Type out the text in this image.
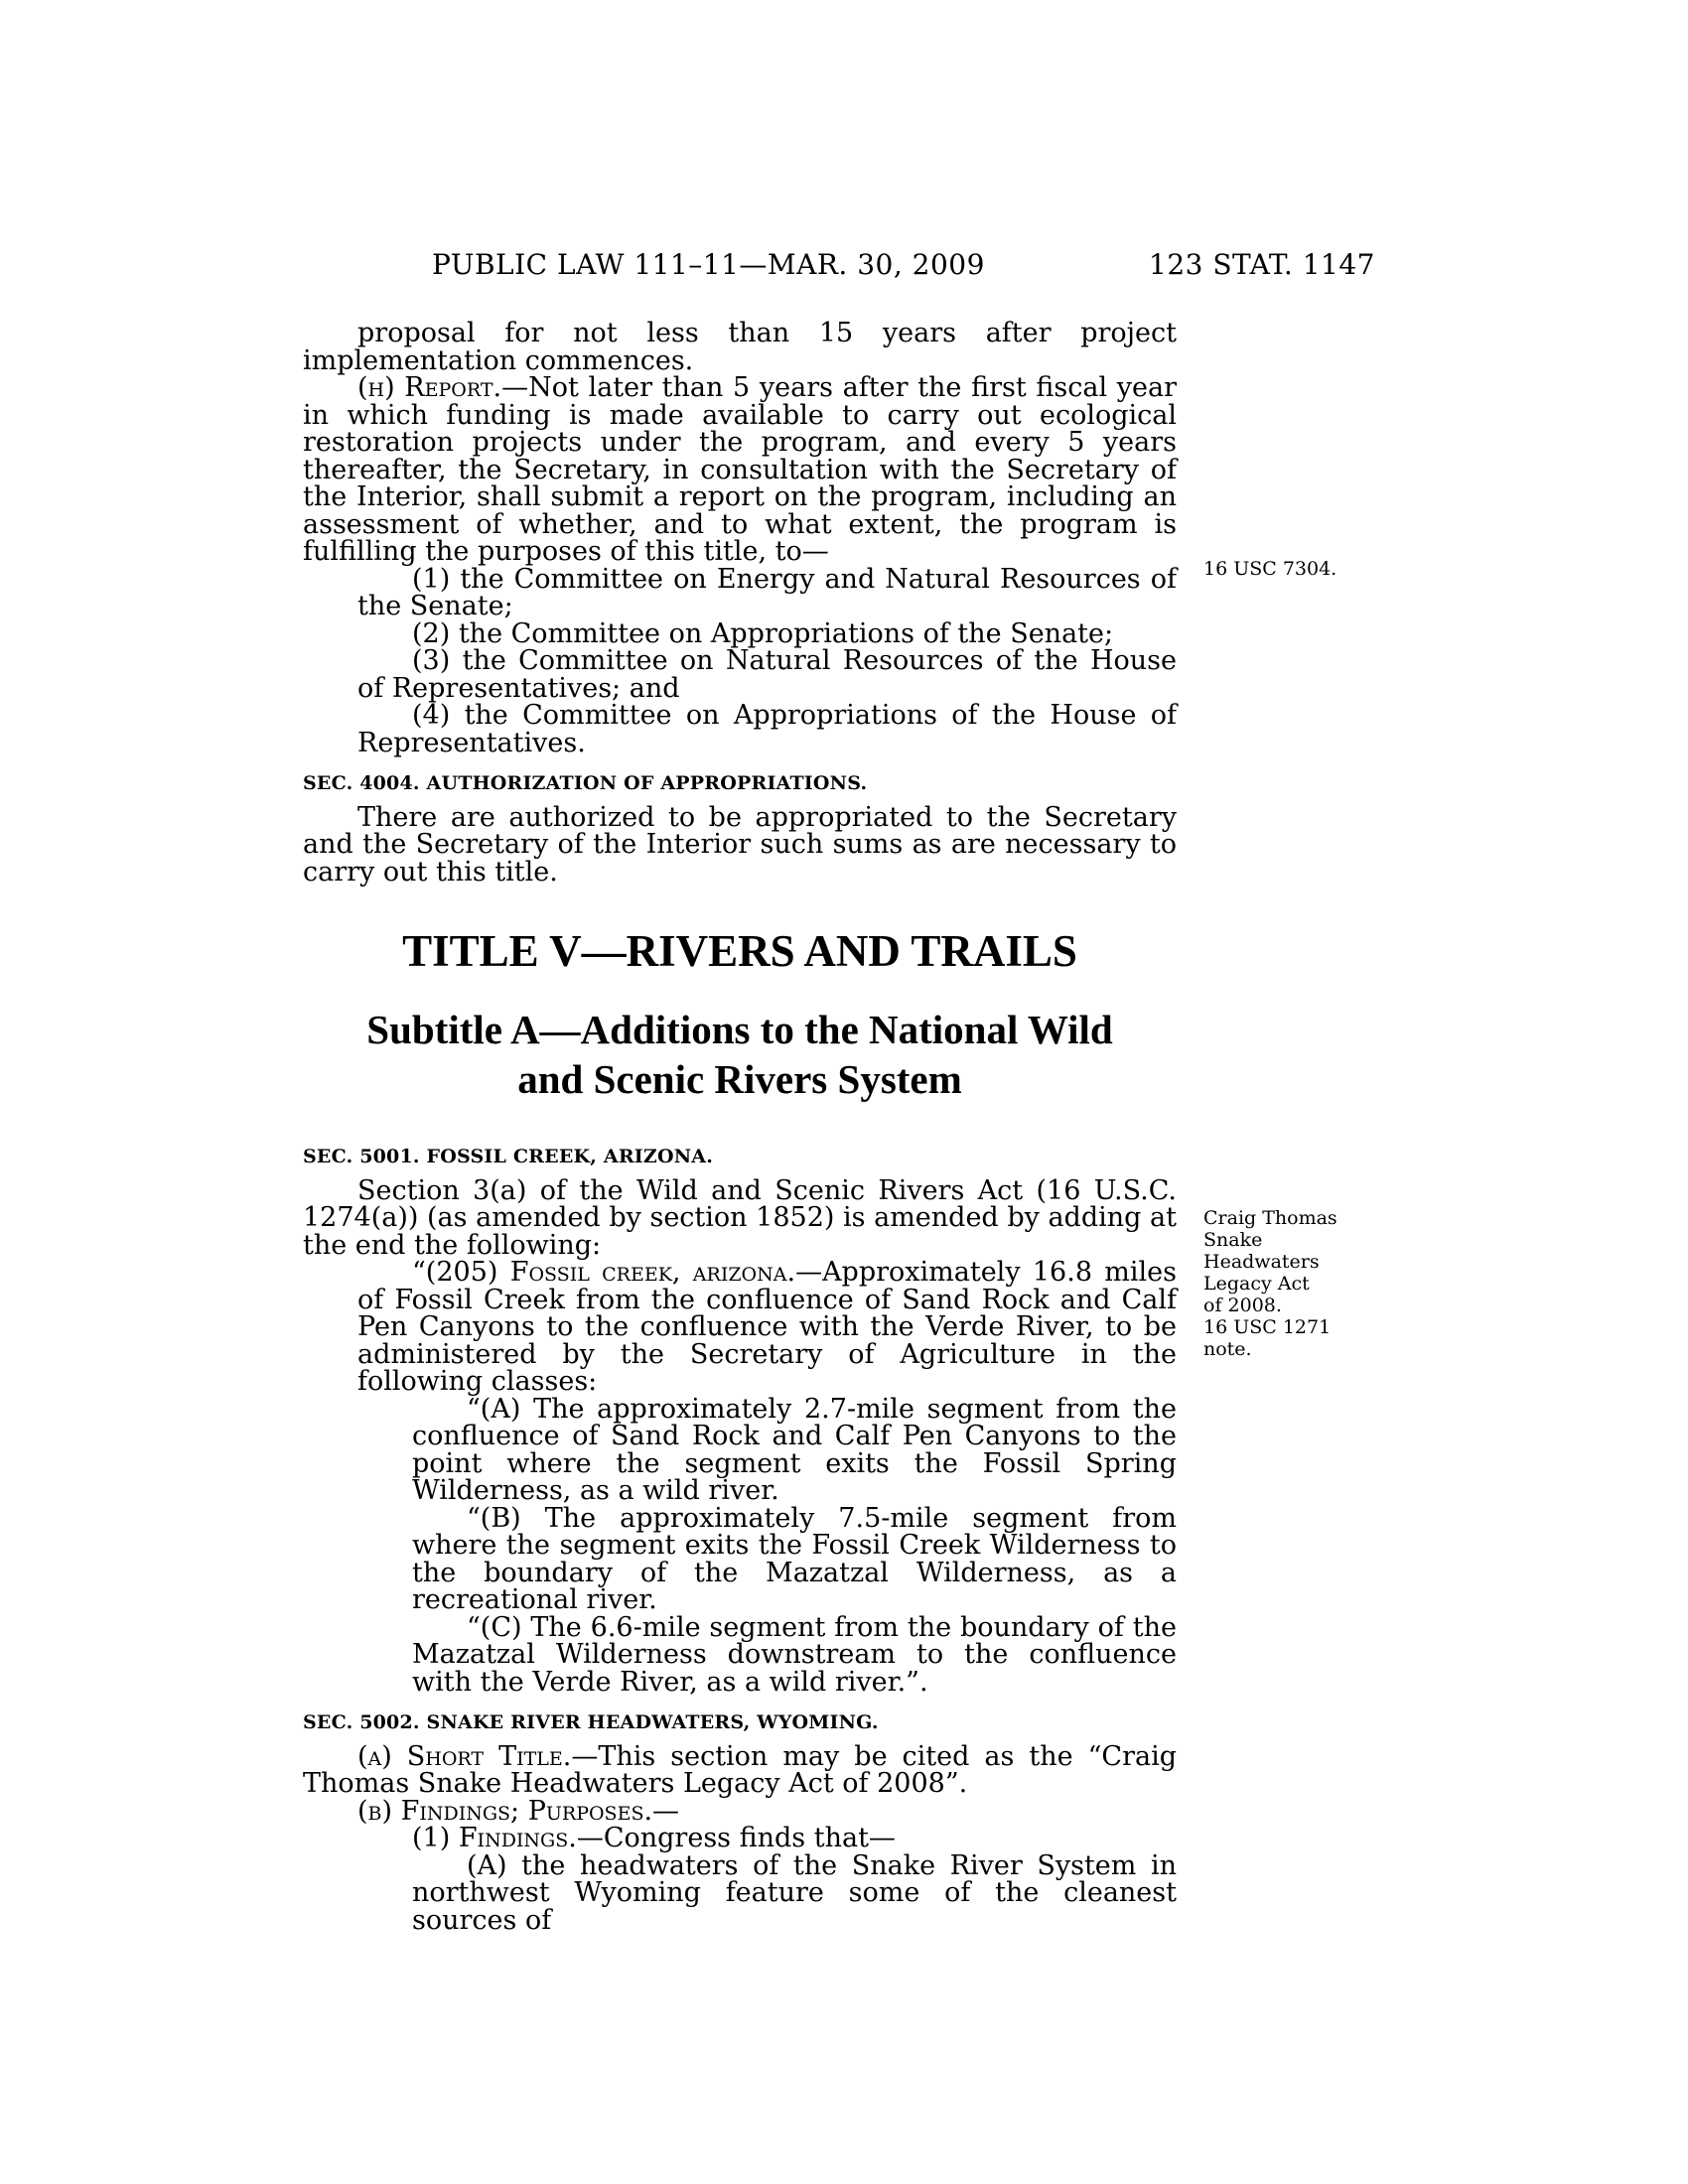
PUBLIC LAW 111–11—MAR. 30, 2009	123 STAT. 1147
16 USC 7304.
Craig Thomas
Snake
Headwaters
Legacy Act
of 2008.
16 USC 1271
note.

proposal for not less than 15 years after project implementation commences.

(h) Report.—Not later than 5 years after the first fiscal year in which funding is made available to carry out ecological restoration projects under the program, and every 5 years thereafter, the Secretary, in consultation with the Secretary of the Interior, shall submit a report on the program, including an assessment of whether, and to what extent, the program is fulfilling the purposes of this title, to—

(1) the Committee on Energy and Natural Resources of the Senate;

(2) the Committee on Appropriations of the Senate;

(3) the Committee on Natural Resources of the House of Representatives; and

(4) the Committee on Appropriations of the House of Representatives.

SEC. 4004. AUTHORIZATION OF APPROPRIATIONS.

There are authorized to be appropriated to the Secretary and the Secretary of the Interior such sums as are necessary to carry out this title.

TITLE V—RIVERS AND TRAILS

Subtitle A—Additions to the National Wild
and Scenic Rivers System

SEC. 5001. FOSSIL CREEK, ARIZONA.

Section 3(a) of the Wild and Scenic Rivers Act (16 U.S.C. 1274(a)) (as amended by section 1852) is amended by adding at the end the following:

“(205) Fossil creek, arizona.—Approximately 16.8 miles of Fossil Creek from the confluence of Sand Rock and Calf Pen Canyons to the confluence with the Verde River, to be administered by the Secretary of Agriculture in the following classes:

“(A) The approximately 2.7-mile segment from the confluence of Sand Rock and Calf Pen Canyons to the point where the segment exits the Fossil Spring Wilderness, as a wild river.

“(B) The approximately 7.5-mile segment from where the segment exits the Fossil Creek Wilderness to the boundary of the Mazatzal Wilderness, as a recreational river.

“(C) The 6.6-mile segment from the boundary of the Mazatzal Wilderness downstream to the confluence with the Verde River, as a wild river.”.

SEC. 5002. SNAKE RIVER HEADWATERS, WYOMING.

(a) Short Title.—This section may be cited as the “Craig Thomas Snake Headwaters Legacy Act of 2008”.

(b) Findings; Purposes.—

(1) Findings.—Congress finds that—

(A) the headwaters of the Snake River System in northwest Wyoming feature some of the cleanest sources of
